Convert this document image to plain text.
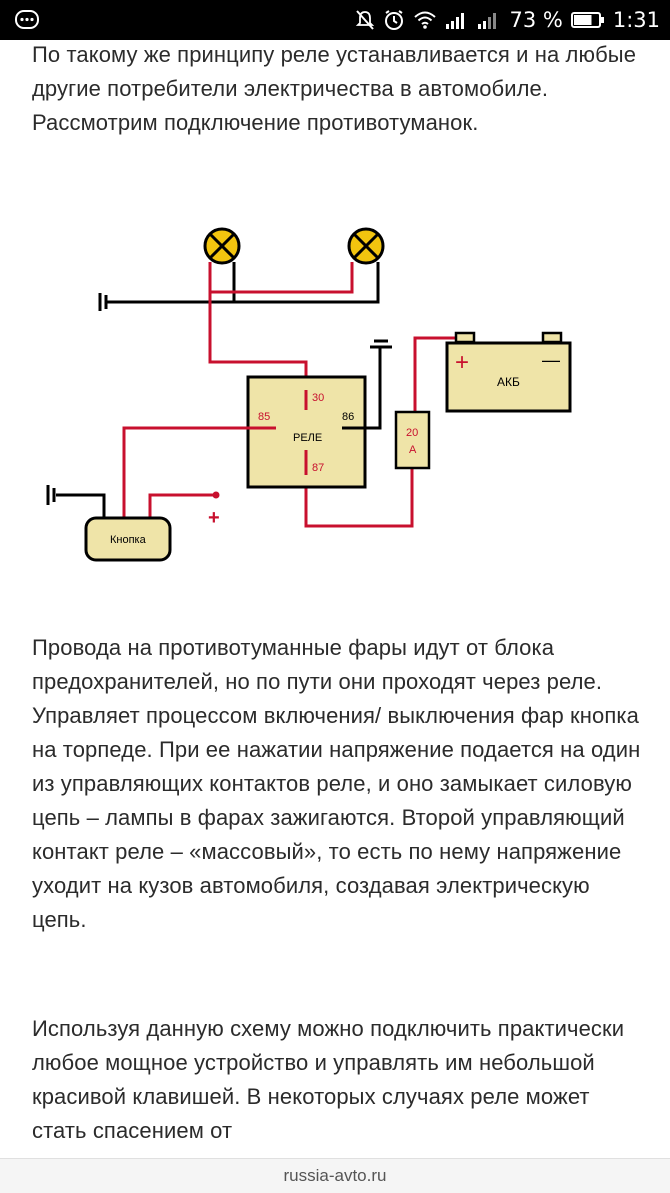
73 % 1:31

По такому же принципу реле устанавливается и на любые другие потребители электричества в автомобиле. Рассмотрим подключение противотуманок.

30
85	86
87
РЕЛЕ
+	—
АКБ
20
A
+
Кнопка

Провода на противотуманные фары идут от блока предохранителей, но по пути они проходят через реле. Управляет процессом включения/ выключения фар кнопка на торпеде. При ее нажатии напряжение подается на один из управляющих контактов реле, и оно замыкает силовую цепь – лампы в фарах зажигаются. Второй управляющий контакт реле – «массовый», то есть по нему напряжение уходит на кузов автомобиля, создавая электрическую цепь.

Используя данную схему можно подключить практически любое мощное устройство и управлять им небольшой красивой клавишей. В некоторых случаях реле может стать спасением от

russia-avto.ru
